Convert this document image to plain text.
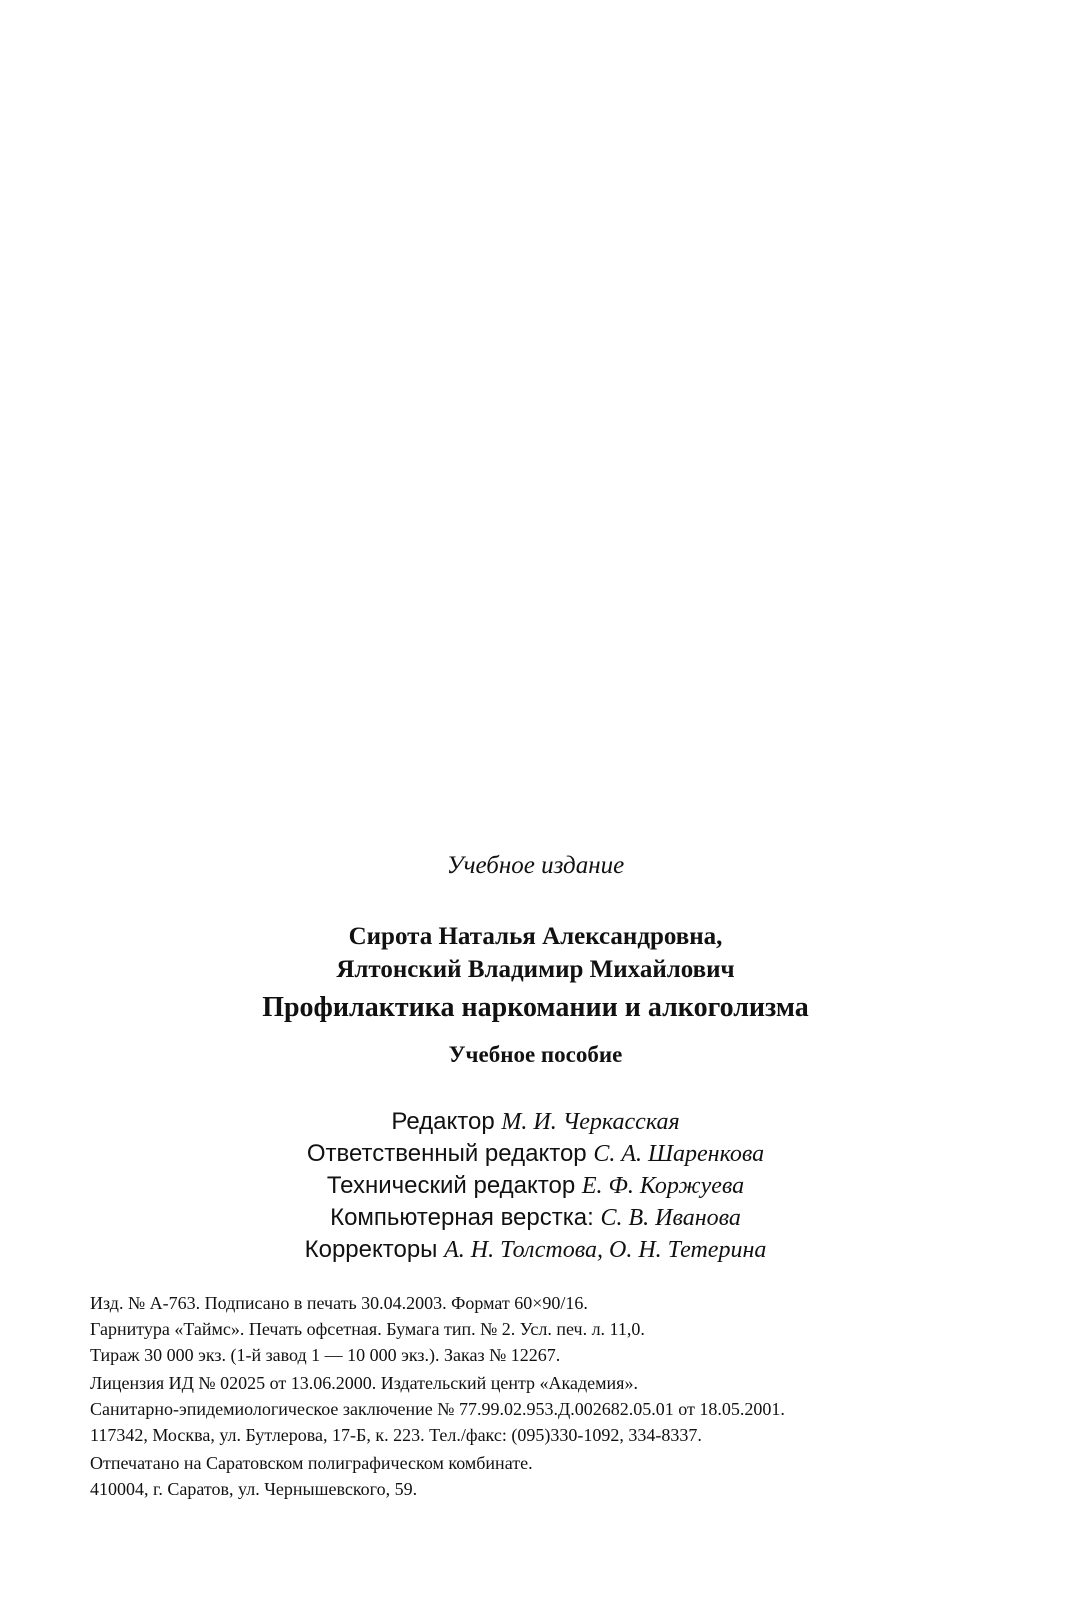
Учебное издание
Сирота Наталья Александровна,
Ялтонский Владимир Михайлович
Профилактика наркомании и алкоголизма
Учебное пособие
Редактор М. И. Черкасская
Ответственный редактор С. А. Шаренкова
Технический редактор Е. Ф. Коржуева
Компьютерная верстка: С. В. Иванова
Корректоры А. Н. Толстова, О. Н. Тетерина
Изд. № А-763. Подписано в печать 30.04.2003. Формат 60×90/16.
Гарнитура «Таймс». Печать офсетная. Бумага тип. № 2. Усл. печ. л. 11,0.
Тираж 30 000 экз. (1-й завод 1 — 10 000 экз.). Заказ № 12267.
Лицензия ИД № 02025 от 13.06.2000. Издательский центр «Академия».
Санитарно-эпидемиологическое заключение № 77.99.02.953.Д.002682.05.01 от 18.05.2001.
117342, Москва, ул. Бутлерова, 17-Б, к. 223. Тел./факс: (095)330-1092, 334-8337.
Отпечатано на Саратовском полиграфическом комбинате.
410004, г. Саратов, ул. Чернышевского, 59.
